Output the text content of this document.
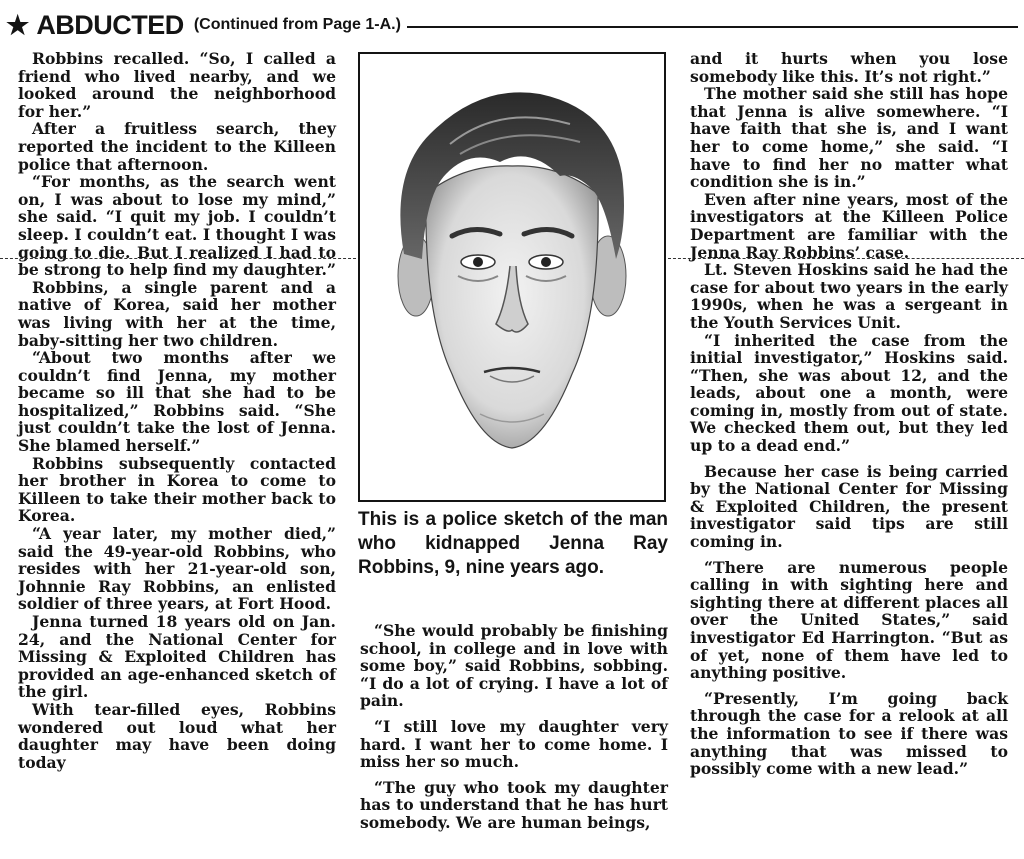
★ ABDUCTED (Continued from Page 1-A.)

Robbins recalled. “So, I called a friend who lived nearby, and we looked around the neighborhood for her.”

After a fruitless search, they reported the incident to the Killeen police that afternoon.

“For months, as the search went on, I was about to lose my mind,” she said. “I quit my job. I couldn’t sleep. I couldn’t eat. I thought I was going to die. But I realized I had to be strong to help find my daughter.”

Robbins, a single parent and a native of Korea, said her mother was living with her at the time, baby-sitting her two children.

“About two months after we couldn’t find Jenna, my mother became so ill that she had to be hospitalized,” Robbins said. “She just couldn’t take the lost of Jenna. She blamed herself.”

Robbins subsequently contacted her brother in Korea to come to Killeen to take their mother back to Korea.

“A year later, my mother died,” said the 49-year-old Robbins, who resides with her 21-year-old son, Johnnie Ray Robbins, an enlisted soldier of three years, at Fort Hood.

Jenna turned 18 years old on Jan. 24, and the National Center for Missing & Exploited Children has provided an age-enhanced sketch of the girl.

With tear-filled eyes, Robbins wondered out loud what her daughter may have been doing today

This is a police sketch of the man who kidnapped Jenna Ray Robbins, 9, nine years ago.

“She would probably be finishing school, in college and in love with some boy,” said Robbins, sobbing. “I do a lot of crying. I have a lot of pain.

“I still love my daughter very hard. I want her to come home. I miss her so much.

“The guy who took my daughter has to understand that he has hurt somebody. We are human beings,

and it hurts when you lose somebody like this. It’s not right.”

The mother said she still has hope that Jenna is alive somewhere. “I have faith that she is, and I want her to come home,” she said. “I have to find her no matter what condition she is in.”

Even after nine years, most of the investigators at the Killeen Police Department are familiar with the Jenna Ray Robbins’ case.

Lt. Steven Hoskins said he had the case for about two years in the early 1990s, when he was a sergeant in the Youth Services Unit.

“I inherited the case from the initial investigator,” Hoskins said. “Then, she was about 12, and the leads, about one a month, were coming in, mostly from out of state. We checked them out, but they led up to a dead end.”

Because her case is being carried by the National Center for Missing & Exploited Children, the present investigator said tips are still coming in.

“There are numerous people calling in with sighting here and sighting there at different places all over the United States,” said investigator Ed Harrington. “But as of yet, none of them have led to anything positive.

“Presently, I’m going back through the case for a relook at all the information to see if there was anything that was missed to possibly come with a new lead.”
